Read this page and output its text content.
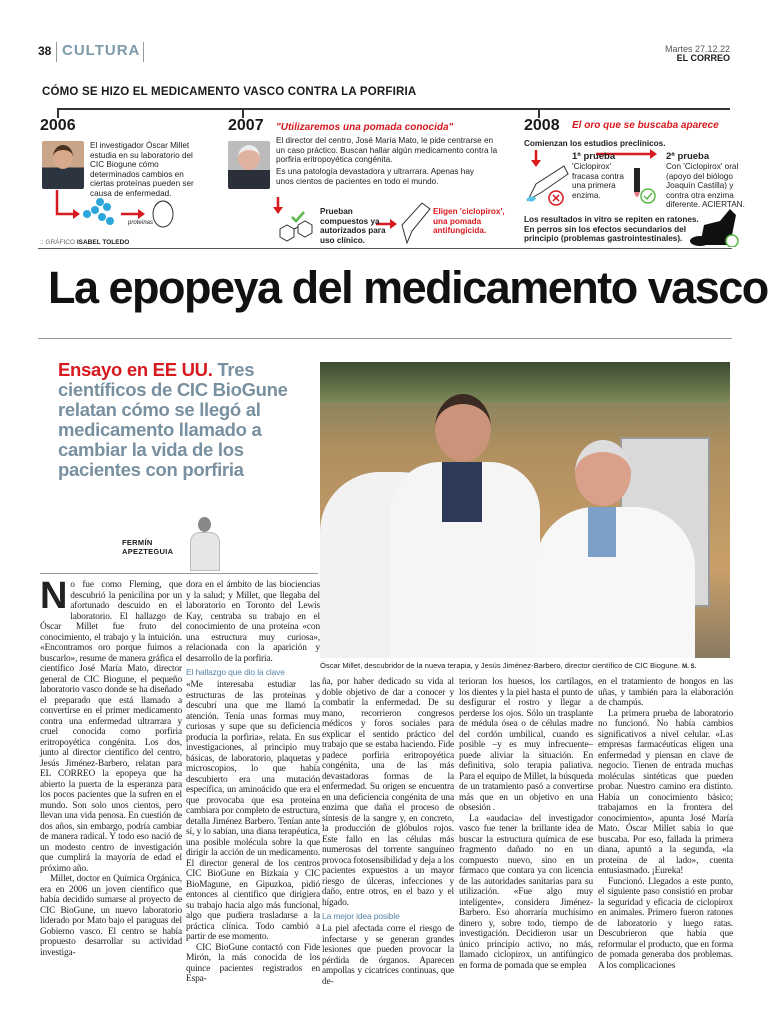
38 CULTURA	Martes 27.12.22
EL CORREO
CÓMO SE HIZO EL MEDICAMENTO VASCO CONTRA LA PORFIRIA
2006
El investigador Óscar Millet estudia en su laboratorio del CIC Biogune cómo determinados cambios en ciertas proteínas pueden ser causa de enfermedad.
proteínas
:: GRÁFICO ISABEL TOLEDO
2007 "Utilizaremos una pomada conocida"
El director del centro, José María Mato, le pide centrarse en un caso práctico. Buscan hallar algún medicamento contra la porfiria eritropoyética congénita.
Es una patología devastadora y ultrarrara. Apenas hay unos cientos de pacientes en todo el mundo.
Prueban compuestos ya autorizados para uso clínico.
Eligen 'ciclopirox', una pomada antifungicida.
2008 El oro que se buscaba aparece
Comienzan los estudios preclínicos.
1ª prueba
'Ciclopirox' fracasa contra una primera enzima.
2ª prueba
Con 'Ciclopirox' oral (apoyo del biólogo Joaquín Castilla) y contra otra enzima diferente. ACIERTAN.
Los resultados in vitro se repiten en ratones. En perros sin los efectos secundarios del principio (problemas gastrointestinales).
La epopeya del medicamento vasco
Ensayo en EE UU. Tres científicos de CIC BioGune relatan cómo se llegó al medicamento llamado a cambiar la vida de los pacientes con porfiria
FERMÍN APEZTEGUIA
Óscar Millet, descubridor de la nueva terapia, y Jesús Jiménez-Barbero, director científico de CIC Biogune. M. S.
N o fue como Fleming, que descubrió la penicilina por un afortunado descuido en el laboratorio. El hallazgo de Óscar Millet fue fruto del conocimiento, el trabajo y la intuición. «Encontramos oro porque fuimos a buscarlo», resume de manera gráfica el científico José María Mato, director general de CIC Biogune, el pequeño laboratorio vasco donde se ha diseñado el preparado que está llamado a convertirse en el primer medicamento contra una enfermedad ultrarrara y cruel conocida como porfiria eritropoyética congénita. Los dos, junto al director científico del centro, Jesús Jiménez-Barbero, relatan para EL CORREO la epopeya que ha abierto la puerta de la esperanza para los pocos pacientes que la sufren en el mundo. Son solo unos cientos, pero llevan una vida penosa. En cuestión de dos años, sin embargo, podría cambiar de manera radical. Y todo eso nació de un modesto centro de investigación que cumplirá la mayoría de edad el próximo año.

Millet, doctor en Química Orgánica, era en 2006 un joven científico que había decidido sumarse al proyecto de CIC BioGune, un nuevo laboratorio liderado por Mato bajo el paraguas del Gobierno vasco. El centro se había propuesto desarrollar su actividad investiga-

dora en el ámbito de las biociencias y la salud; y Millet, que llegaba del laboratorio en Toronto del Lewis Kay, centraba su trabajo en el conocimiento de una proteína «con una estructura muy curiosa», relacionada con la aparición y desarrollo de la porfiria.

El hallazgo que dio la clave

«Me interesaba estudiar las estructuras de las proteínas y descubrí una que me llamó la atención. Tenía unas formas muy curiosas y supe que su deficiencia producía la porfiria», relata. En sus investigaciones, al principio muy básicas, de laboratorio, plaquetas y microscopios, lo que había descubierto era una mutación específica, un aminoácido que era el que provocaba que esa proteína cambiara por completo de estructura, detalla Jiménez Barbero. Tenían ante sí, y lo sabían, una diana terapéutica, una posible molécula sobre la que dirigir la acción de un medicamento. El director general de los centros CIC BioGune en Bizkaia y CIC BioMagune, en Gipuzkoa, pidió entonces al científico que dirigiera su trabajo hacia algo más funcional, algo que pudiera trasladarse a la práctica clínica. Todo cambió a partir de ese momento.

CIC BioGune contactó con Fide Mirón, la más conocida de los quince pacientes registrados en Espa-

ña, por haber dedicado su vida al doble objetivo de dar a conocer y combatir la enfermedad. De su mano, recorrieron congresos médicos y foros sociales para explicar el sentido práctico del trabajo que se estaba haciendo. Fide padece porfiria eritropoyética congénita, una de las más devastadoras formas de la enfermedad. Su origen se encuentra en una deficiencia congénita de una enzima que daña el proceso de síntesis de la sangre y, en concreto, la producción de glóbulos rojos. Este fallo en las células más numerosas del torrente sanguíneo provoca fotosensibilidad y deja a los pacientes expuestos a un mayor riesgo de úlceras, infecciones y daño, entre otros, en el bazo y el hígado.

La mejor idea posible

La piel afectada corre el riesgo de infectarse y se generan grandes lesiones que pueden provocar la pérdida de órganos. Aparecen ampollas y cicatrices continuas, que de-

terioran los huesos, los cartílagos, los dientes y la piel hasta el punto de desfigurar el rostro y llegar a perderse los ojos. Sólo un trasplante de médula ósea o de células madre del cordón umbilical, cuando es posible –y es muy infrecuente– puede aliviar la situación. En definitiva, solo terapia paliativa. Para el equipo de Millet, la búsqueda de un tratamiento pasó a convertirse más que en un objetivo en una obsesión .

La «audacia» del investigador vasco fue tener la brillante idea de buscar la estructura química de ese fragmento dañado no en un compuesto nuevo, sino en un fármaco que contara ya con licencia de las autoridades sanitarias para su utilización. «Fue algo muy inteligente», considera Jiménez-Barbero. Eso ahorraría muchísimo dinero y, sobre todo, tiempo de investigación. Decidieron usar un único principio activo, no más, llamado ciclopirox, un antifúngico en forma de pomada que se emplea

en el tratamiento de hongos en las uñas, y también para la elaboración de champús.

La primera prueba de laboratorio no funcionó. No había cambios significativos a nivel celular. «Las empresas farmacéuticas eligen una enfermedad y piensan en clave de negocio. Tienen de entrada muchas moléculas sintéticas que pueden probar. Nuestro camino era distinto. Había un conocimiento básico; trabajamos en la frontera del conocimiento», apunta José María Mato. Óscar Millet sabía lo que buscaba. Por eso, fallada la primera diana, apuntó a la segunda, «la proteína de al lado», cuenta entusiasmado. ¡Eureka!

Funcionó. Llegados a este punto, el siguiente paso consistió en probar la seguridad y eficacia de ciclopirox en animales. Primero fueron ratones de laboratorio y luego ratas. Descubrieron que había que reformular el producto, que en forma de pomada generaba dos problemas. A los complicaciones
